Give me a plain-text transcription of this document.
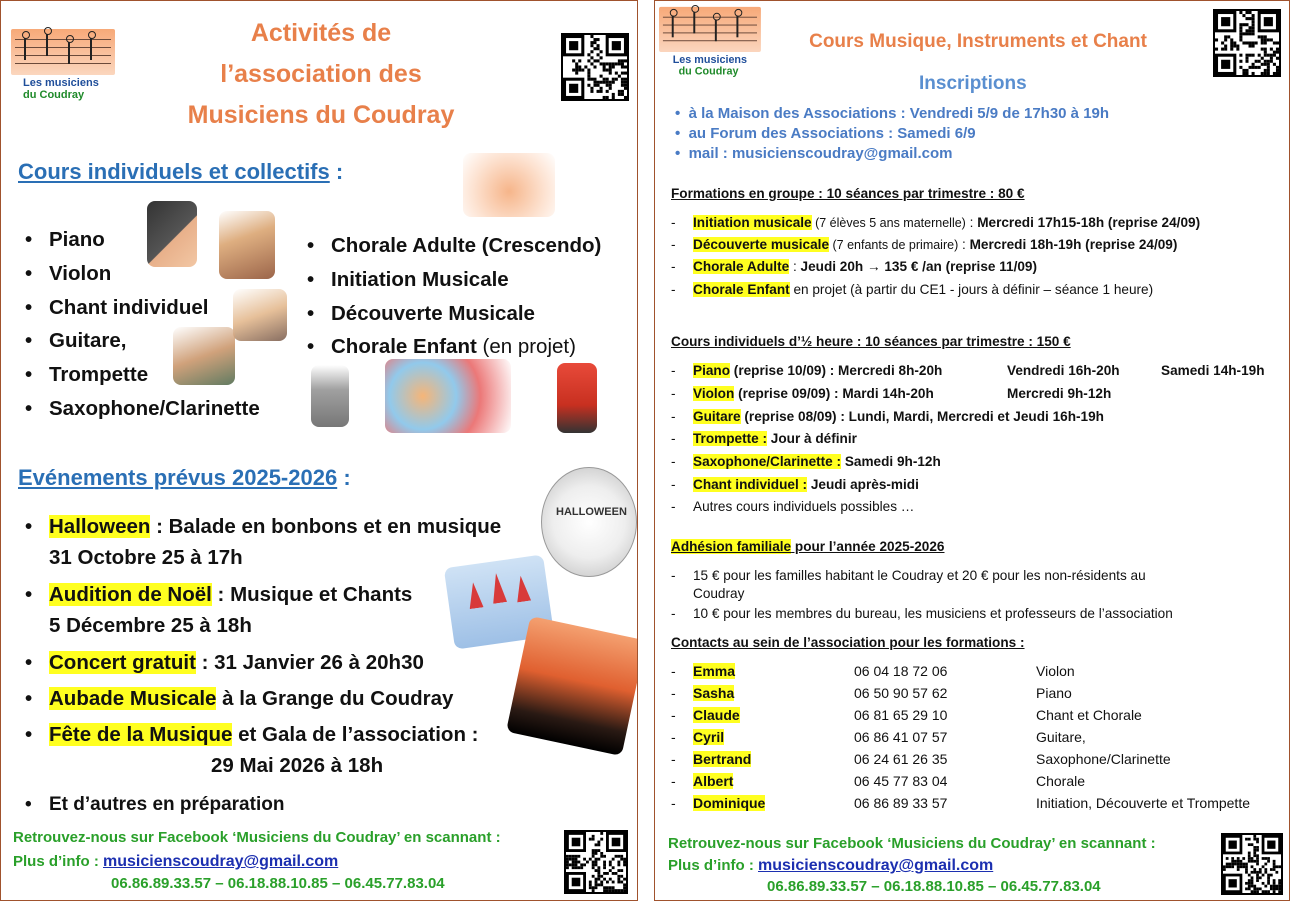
Les musiciens
du Coudray
Activités de
l’association des
Musiciens du Coudray
Cours individuels et collectifs :
• Piano
• Violon
• Chant individuel
• Guitare,
• Trompette
• Saxophone/Clarinette
• Chorale Adulte (Crescendo)
• Initiation Musicale
• Découverte Musicale
• Chorale Enfant (en projet)
Evénements prévus 2025-2026 :
HALLOWEEN
• Halloween : Balade en bonbons et en musique
31 Octobre 25 à 17h
• Audition de Noël : Musique et Chants
5 Décembre 25 à 18h
• Concert gratuit : 31 Janvier 26 à 20h30
• Aubade Musicale à la Grange du Coudray
• Fête de la Musique et Gala de l’association :
29 Mai 2026 à 18h
• Et d’autres en préparation
Retrouvez-nous sur Facebook ‘Musiciens du Coudray’ en scannant :
Plus d’info : musicienscoudray@gmail.com
06.86.89.33.57 – 06.18.88.10.85 – 06.45.77.83.04
Les musiciens
du Coudray
Cours Musique, Instruments et Chant
Inscriptions
•  à la Maison des Associations : Vendredi 5/9 de 17h30 à 19h
•  au Forum des Associations : Samedi 6/9
•  mail : musicienscoudray@gmail.com
Formations en groupe : 10 séances par trimestre : 80 €
- Initiation musicale (7 élèves 5 ans maternelle) : Mercredi 17h15-18h (reprise 24/09)
- Découverte musicale (7 enfants de primaire) : Mercredi 18h-19h (reprise 24/09)
- Chorale Adulte : Jeudi 20h → 135 € /an (reprise 11/09)
- Chorale Enfant en projet (à partir du CE1 - jours à définir – séance 1 heure)
Cours individuels d’½ heure : 10 séances par trimestre : 150 €
- Piano (reprise 10/09) : Mercredi 8h-20h	Vendredi 16h-20h	Samedi 14h-19h
- Violon (reprise 09/09) : Mardi 14h-20h	Mercredi 9h-12h
- Guitare (reprise 08/09) : Lundi, Mardi, Mercredi et Jeudi 16h-19h
- Trompette : Jour à définir
- Saxophone/Clarinette : Samedi 9h-12h
- Chant individuel : Jeudi après-midi
- Autres cours individuels possibles …
Adhésion familiale pour l’année 2025-2026
- 15 € pour les familles habitant le Coudray et 20 € pour les non-résidents au
Coudray
- 10 € pour les membres du bureau, les musiciens et professeurs de l’association
Contacts au sein de l’association pour les formations :
- Emma	06 04 18 72 06	Violon
- Sasha	06 50 90 57 62	Piano
- Claude	06 81 65 29 10	Chant et Chorale
- Cyril	06 86 41 07 57	Guitare,
- Bertrand	06 24 61 26 35	Saxophone/Clarinette
- Albert	06 45 77 83 04	Chorale
- Dominique	06 86 89 33 57	Initiation, Découverte et Trompette
Retrouvez-nous sur Facebook ‘Musiciens du Coudray’ en scannant :
Plus d’info : musicienscoudray@gmail.com
06.86.89.33.57 – 06.18.88.10.85 – 06.45.77.83.04
